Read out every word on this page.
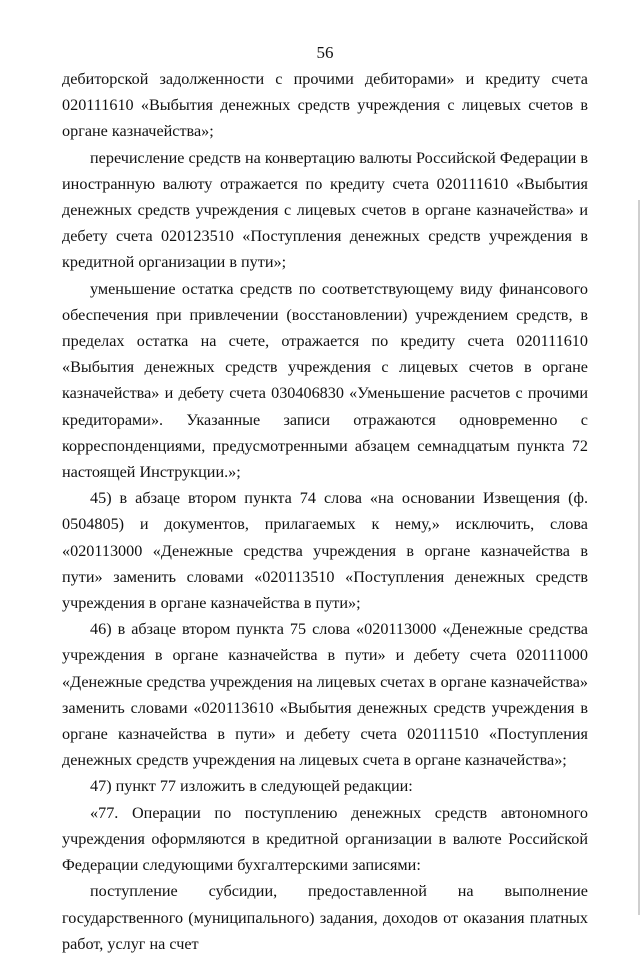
56

дебиторской задолженности с прочими дебиторами» и кредиту счета 020111610 «Выбытия денежных средств учреждения с лицевых счетов в органе казначейства»;

перечисление средств на конвертацию валюты Российской Федерации в иностранную валюту отражается по кредиту счета 020111610 «Выбытия денежных средств учреждения с лицевых счетов в органе казначейства» и дебету счета 020123510 «Поступления денежных средств учреждения в кредитной организации в пути»;

уменьшение остатка средств по соответствующему виду финансового обеспечения при привлечении (восстановлении) учреждением средств, в пределах остатка на счете, отражается по кредиту счета 020111610 «Выбытия денежных средств учреждения с лицевых счетов в органе казначейства» и дебету счета 030406830 «Уменьшение расчетов с прочими кредиторами». Указанные записи отражаются одновременно с корреспонденциями, предусмотренными абзацем семнадцатым пункта 72 настоящей Инструкции.»;

45) в абзаце втором пункта 74 слова «на основании Извещения (ф. 0504805) и документов, прилагаемых к нему,» исключить, слова «020113000 «Денежные средства учреждения в органе казначейства в пути» заменить словами «020113510 «Поступления денежных средств учреждения в органе казначейства в пути»;

46) в абзаце втором пункта 75 слова «020113000 «Денежные средства учреждения в органе казначейства в пути» и дебету счета 020111000 «Денежные средства учреждения на лицевых счетах в органе казначейства» заменить словами «020113610 «Выбытия денежных средств учреждения в органе казначейства в пути» и дебету счета 020111510 «Поступления денежных средств учреждения на лицевых счета в органе казначейства»;

47) пункт 77 изложить в следующей редакции:

«77. Операции по поступлению денежных средств автономного учреждения оформляются в кредитной организации в валюте Российской Федерации следующими бухгалтерскими записями:

поступление субсидии, предоставленной на выполнение государственного (муниципального) задания, доходов от оказания платных работ, услуг на счет
